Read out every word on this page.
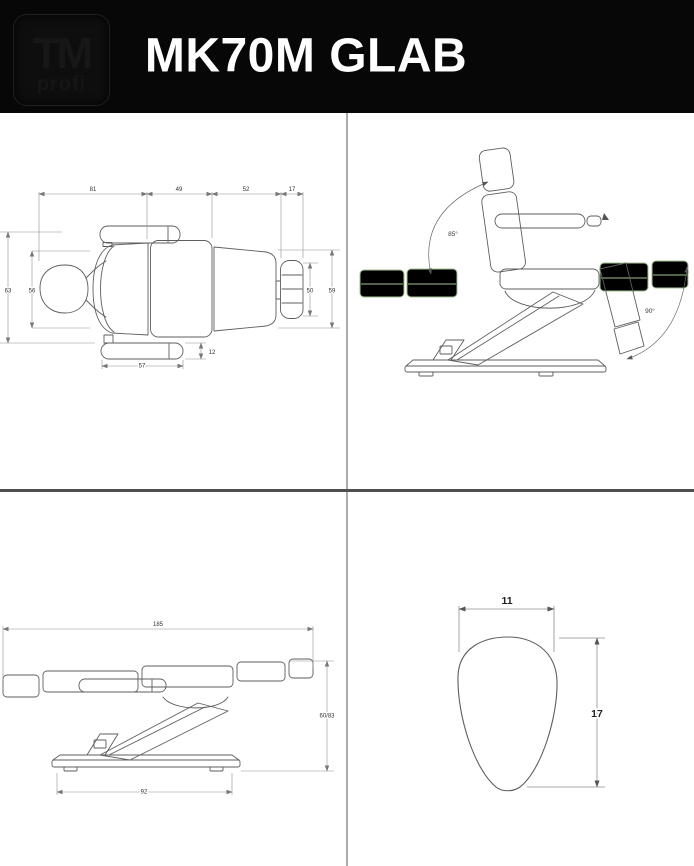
TM
profi
MK70M GLAB
81	49	52	17
63	56	50	59
12
57
85°
90°
185
60/83
92
11
17
